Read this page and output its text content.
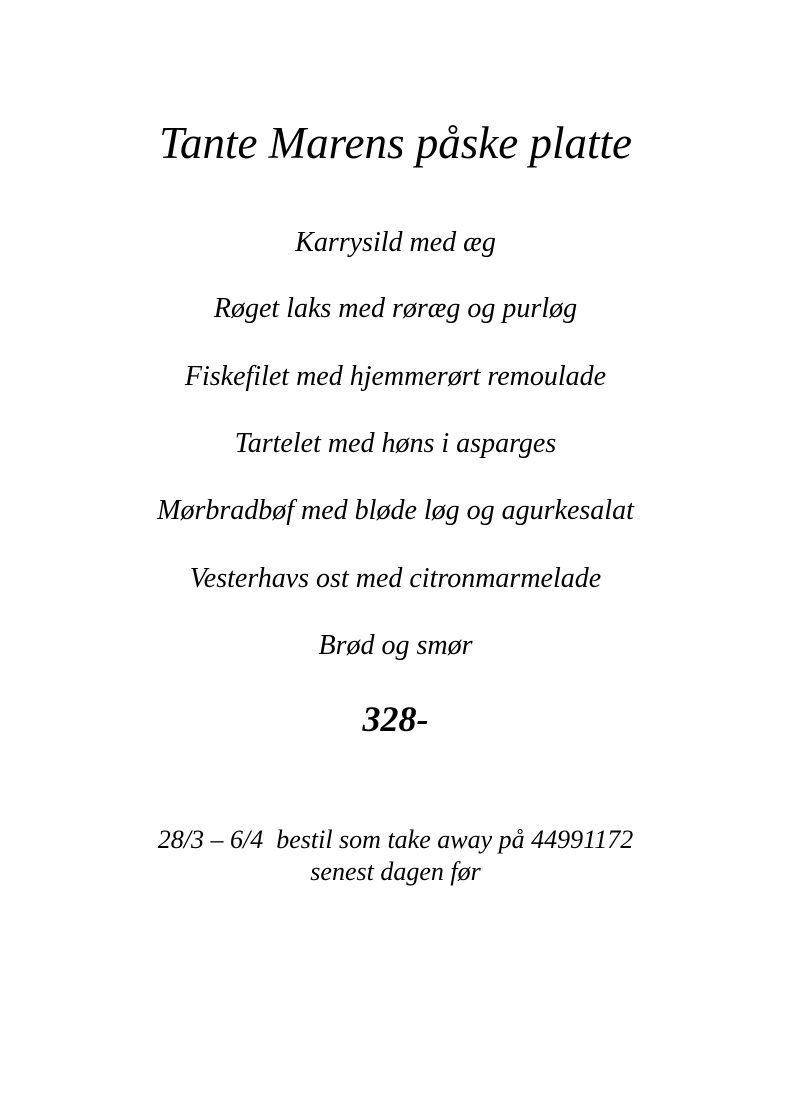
Tante Marens påske platte
Karrysild med æg
Røget laks med røræg og purløg
Fiskefilet med hjemmerørt remoulade
Tartelet med høns i asparges
Mørbradbøf med bløde løg og agurkesalat
Vesterhavs ost med citronmarmelade
Brød og smør
328-
28/3 – 6/4  bestil som take away på 44991172
senest dagen før
